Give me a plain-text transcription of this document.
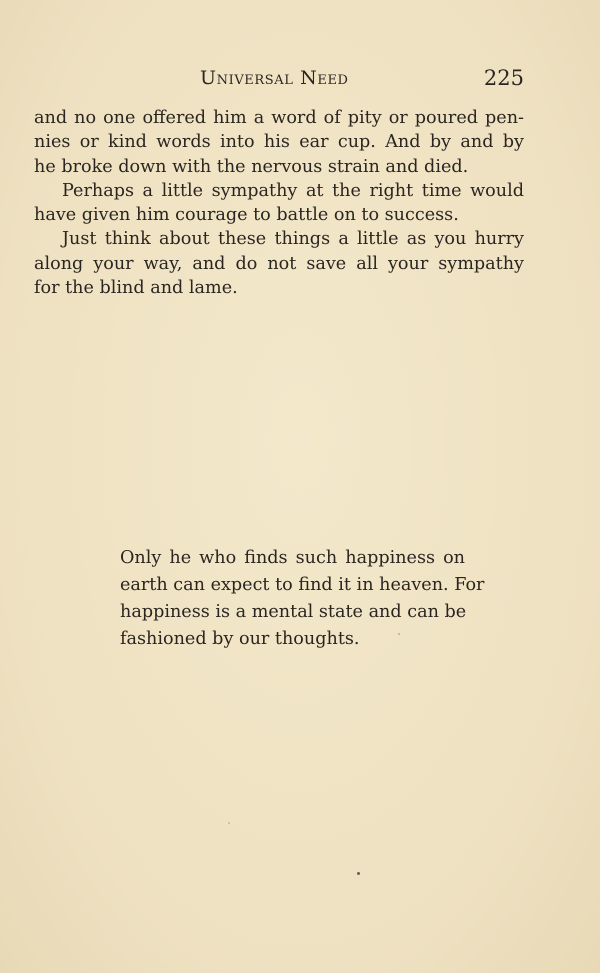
Universal Need	225
and no one offered him a word of pity or poured pen-
nies or kind words into his ear cup. And by and by
he broke down with the nervous strain and died.
Perhaps a little sympathy at the right time would
have given him courage to battle on to success.
Just think about these things a little as you hurry
along your way, and do not save all your sympathy
for the blind and lame.
Only he who finds such happiness on
earth can expect to find it in heaven. For
happiness is a mental state and can be
fashioned by our thoughts.
